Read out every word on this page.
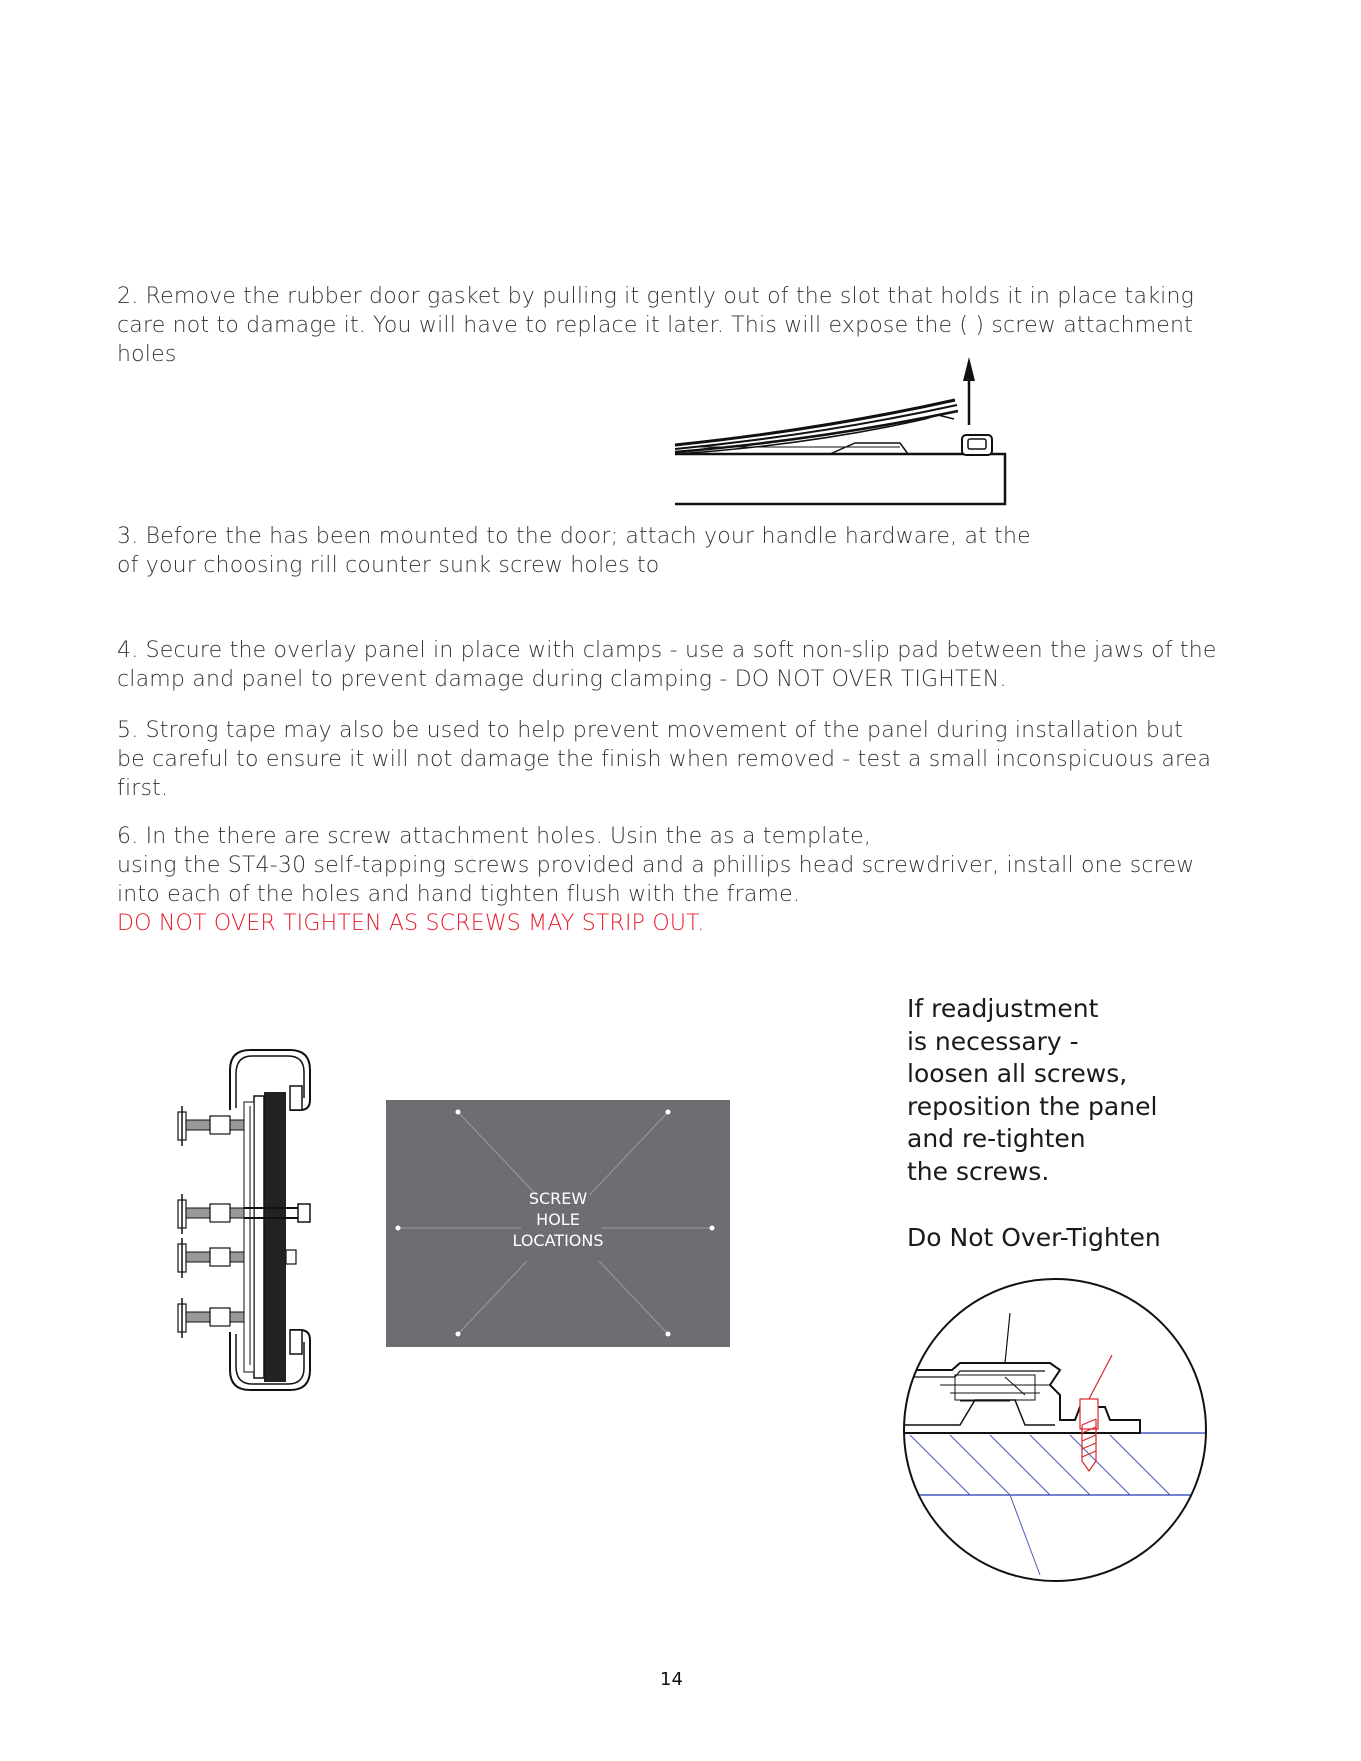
2. Remove the rubber door gasket by pulling it gently out of the slot that holds it in place taking
care not to damage it. You will have to replace it later. This will expose the ( ) screw attachment
holes
3. Before the has been mounted to the door; attach your handle hardware, at the
of your choosing rill counter sunk screw holes to
4. Secure the overlay panel in place with clamps - use a soft non-slip pad between the jaws of the
clamp and panel to prevent damage during clamping - DO NOT OVER TIGHTEN.
5. Strong tape may also be used to help prevent movement of the panel during installation but
be careful to ensure it will not damage the finish when removed - test a small inconspicuous area
first.
6. In the there are screw attachment holes. Usin the as a template,
using the ST4-30 self-tapping screws provided and a phillips head screwdriver, install one screw
into each of the holes and hand tighten flush with the frame.
DO NOT OVER TIGHTEN AS SCREWS MAY STRIP OUT.
SCREW
HOLE
LOCATIONS
If readjustment
is necessary -
loosen all screws,
reposition the panel
and re-tighten
the screws.
Do Not Over-Tighten
14
